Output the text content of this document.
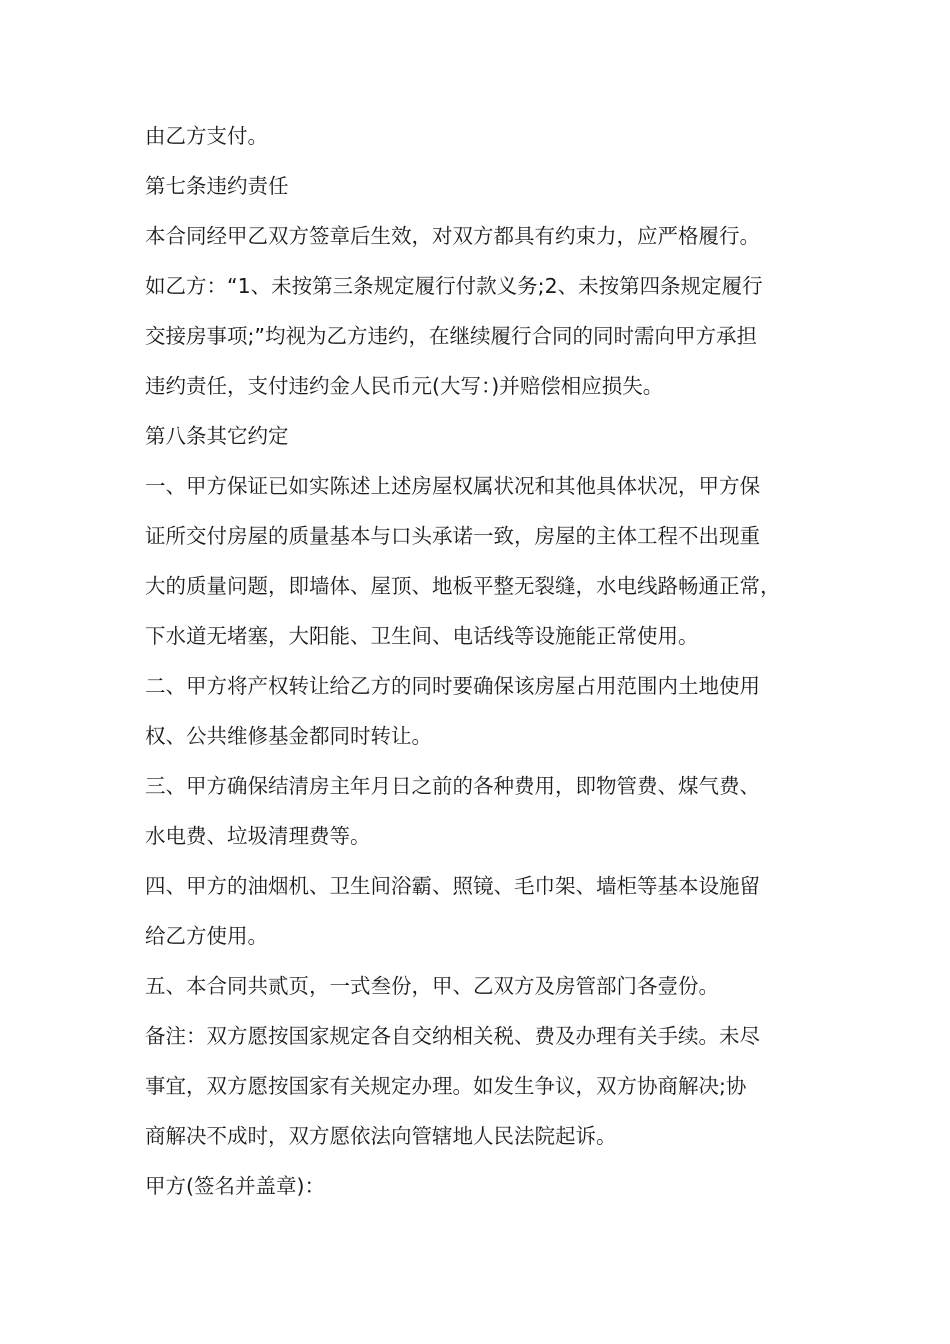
由乙方支付。
第七条违约责任
本合同经甲乙双方签章后生效，对双方都具有约束力，应严格履行。
如乙方：“1、未按第三条规定履行付款义务;2、未按第四条规定履行
交接房事项;”均视为乙方违约，在继续履行合同的同时需向甲方承担
违约责任，支付违约金人民币元(大写：)并赔偿相应损失。
第八条其它约定
一、甲方保证已如实陈述上述房屋权属状况和其他具体状况，甲方保
证所交付房屋的质量基本与口头承诺一致，房屋的主体工程不出现重
大的质量问题，即墙体、屋顶、地板平整无裂缝，水电线路畅通正常，
下水道无堵塞，大阳能、卫生间、电话线等设施能正常使用。
二、甲方将产权转让给乙方的同时要确保该房屋占用范围内土地使用
权、公共维修基金都同时转让。
三、甲方确保结清房主年月日之前的各种费用，即物管费、煤气费、
水电费、垃圾清理费等。
四、甲方的油烟机、卫生间浴霸、照镜、毛巾架、墙柜等基本设施留
给乙方使用。
五、本合同共贰页，一式叁份，甲、乙双方及房管部门各壹份。
备注：双方愿按国家规定各自交纳相关税、费及办理有关手续。未尽
事宜，双方愿按国家有关规定办理。如发生争议，双方协商解决;协
商解决不成时，双方愿依法向管辖地人民法院起诉。
甲方(签名并盖章)：
